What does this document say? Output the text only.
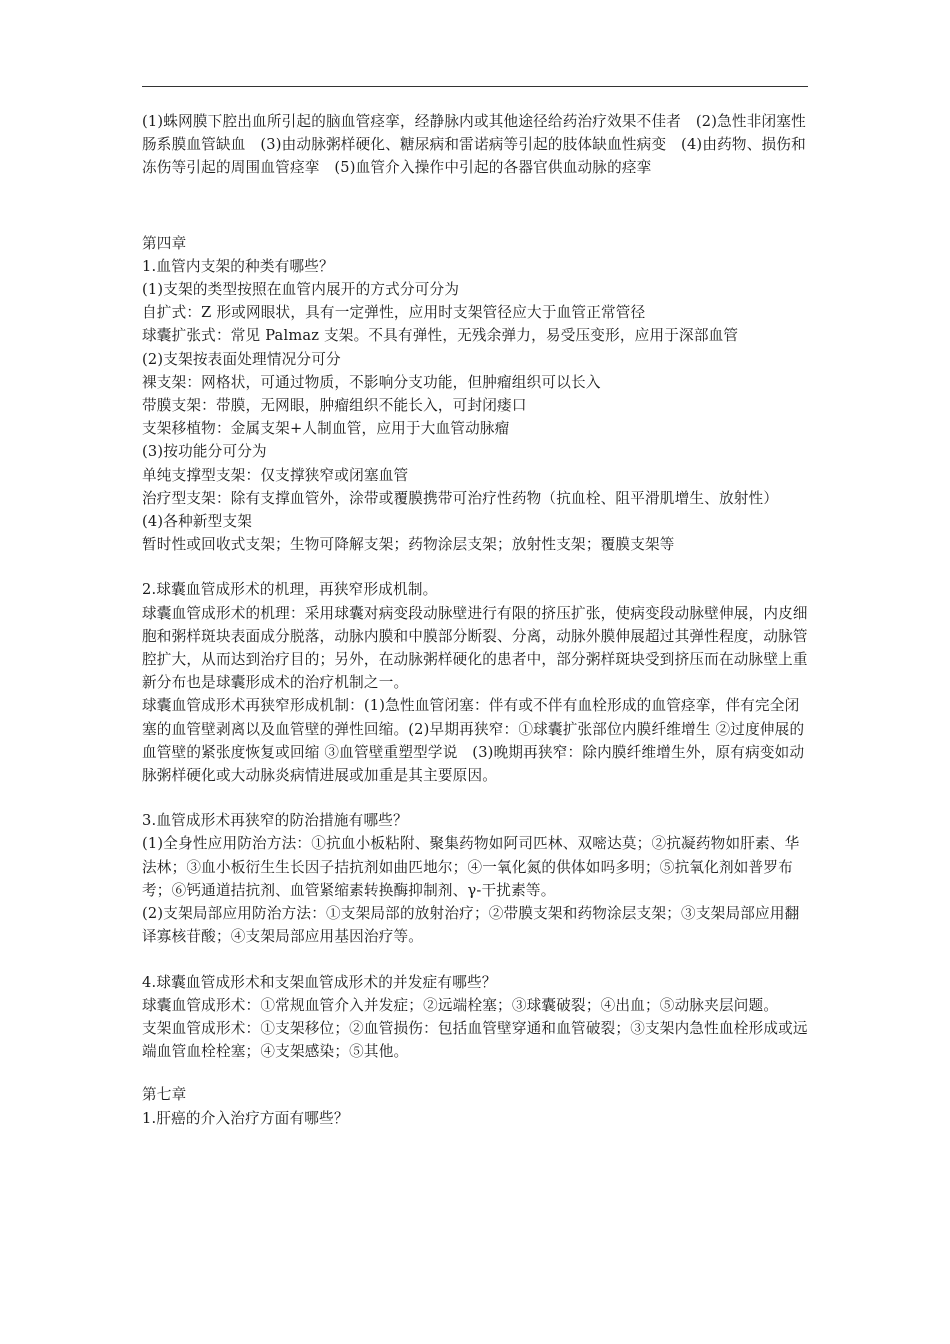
(1)蛛网膜下腔出血所引起的脑血管痉挛，经静脉内或其他途径给药治疗效果不佳者　(2)急性非闭塞性肠系膜血管缺血　(3)由动脉粥样硬化、糖尿病和雷诺病等引起的肢体缺血性病变　(4)由药物、损伤和冻伤等引起的周围血管痉挛　(5)血管介入操作中引起的各器官供血动脉的痉挛

第四章

1.血管内支架的种类有哪些？

(1)支架的类型按照在血管内展开的方式分可分为

自扩式：Z 形或网眼状，具有一定弹性，应用时支架管径应大于血管正常管径

球囊扩张式：常见 Palmaz 支架。不具有弹性，无残余弹力，易受压变形，应用于深部血管

(2)支架按表面处理情况分可分

裸支架：网格状，可通过物质，不影响分支功能，但肿瘤组织可以长入

带膜支架：带膜，无网眼，肿瘤组织不能长入，可封闭瘘口

支架移植物：金属支架+人制血管，应用于大血管动脉瘤

(3)按功能分可分为

单纯支撑型支架：仅支撑狭窄或闭塞血管

治疗型支架：除有支撑血管外，涂带或覆膜携带可治疗性药物（抗血栓、阻平滑肌增生、放射性）

(4)各种新型支架

暂时性或回收式支架；生物可降解支架；药物涂层支架；放射性支架；覆膜支架等

2.球囊血管成形术的机理，再狭窄形成机制。

球囊血管成形术的机理：采用球囊对病变段动脉壁进行有限的挤压扩张，使病变段动脉壁伸展，内皮细胞和粥样斑块表面成分脱落，动脉内膜和中膜部分断裂、分离，动脉外膜伸展超过其弹性程度，动脉管腔扩大，从而达到治疗目的；另外，在动脉粥样硬化的患者中，部分粥样斑块受到挤压而在动脉壁上重新分布也是球囊形成术的治疗机制之一。

球囊血管成形术再狭窄形成机制：(1)急性血管闭塞：伴有或不伴有血栓形成的血管痉挛，伴有完全闭塞的血管壁剥离以及血管壁的弹性回缩。(2)早期再狭窄：①球囊扩张部位内膜纤维增生 ②过度伸展的血管壁的紧张度恢复或回缩 ③血管壁重塑型学说　(3)晚期再狭窄：除内膜纤维增生外，原有病变如动脉粥样硬化或大动脉炎病情进展或加重是其主要原因。

3.血管成形术再狭窄的防治措施有哪些？

(1)全身性应用防治方法：①抗血小板粘附、聚集药物如阿司匹林、双嘧达莫；②抗凝药物如肝素、华法林；③血小板衍生生长因子拮抗剂如曲匹地尔；④一氧化氮的供体如吗多明；⑤抗氧化剂如普罗布考；⑥钙通道拮抗剂、血管紧缩素转换酶抑制剂、γ-干扰素等。

(2)支架局部应用防治方法：①支架局部的放射治疗；②带膜支架和药物涂层支架；③支架局部应用翻译寡核苷酸；④支架局部应用基因治疗等。

4.球囊血管成形术和支架血管成形术的并发症有哪些？

球囊血管成形术：①常规血管介入并发症；②远端栓塞；③球囊破裂；④出血；⑤动脉夹层问题。

支架血管成形术：①支架移位；②血管损伤：包括血管壁穿通和血管破裂；③支架内急性血栓形成或远端血管血栓栓塞；④支架感染；⑤其他。

第七章

1.肝癌的介入治疗方面有哪些？
